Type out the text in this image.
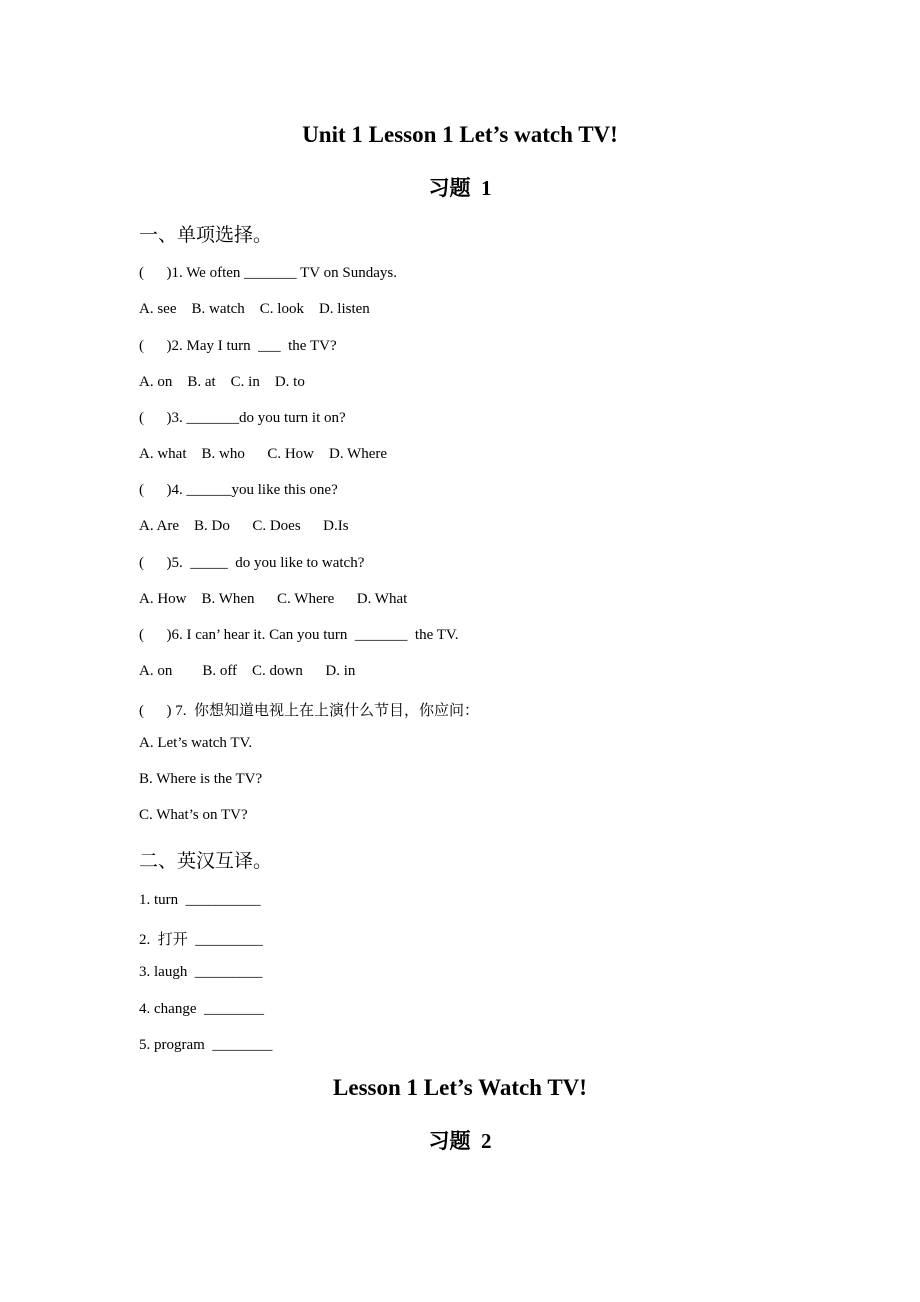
Unit 1 Lesson 1 Let’s watch TV!
习题  1
一、单项选择。
(      )1. We often _______ TV on Sundays.
A. see    B. watch    C. look    D. listen
(      )2. May I turn  ___  the TV?
A. on    B. at    C. in    D. to
(      )3. _______do you turn it on?
A. what    B. who      C. How    D. Where
(      )4. ______you like this one?
A. Are    B. Do      C. Does      D.Is
(      )5.  _____  do you like to watch?
A. How    B. When      C. Where      D. What
(      )6. I can’ hear it. Can you turn  _______  the TV.
A. on        B. off    C. down      D. in
(      ) 7.  你想知道电视上在上演什么节目，你应问：
A. Let’s watch TV.
B. Where is the TV?
C. What’s on TV?
二、英汉互译。
1. turn  __________
2.  打开  _________
3. laugh  _________
4. change  ________
5. program  ________
Lesson 1 Let’s Watch TV!
习题  2
